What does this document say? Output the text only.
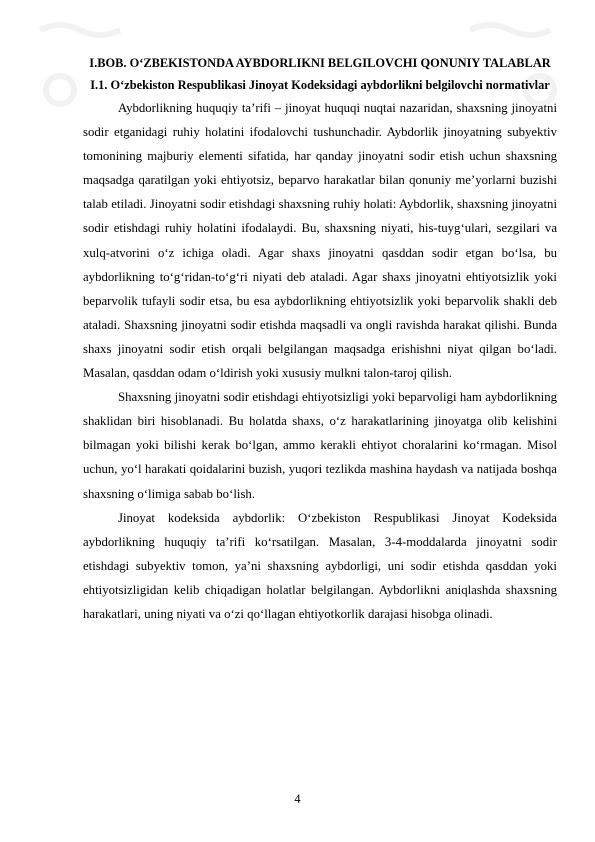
I.BOB. O‘ZBEKISTONDA AYBDORLIKNI BELGILOVCHI QONUNIY TALABLAR

I.1. O‘zbekiston Respublikasi Jinoyat Kodeksidagi aybdorlikni belgilovchi normativlar

Aybdorlikning huquqiy taʼrifi – jinoyat huquqi nuqtai nazaridan, shaxsning jinoyatni sodir etganidagi ruhiy holatini ifodalovchi tushunchadir. Aybdorlik jinoyatning subyektiv tomonining majburiy elementi sifatida, har qanday jinoyatni sodir etish uchun shaxsning maqsadga qaratilgan yoki ehtiyotsiz, beparvo harakatlar bilan qonuniy meʼyorlarni buzishi talab etiladi. Jinoyatni sodir etishdagi shaxsning ruhiy holati: Aybdorlik, shaxsning jinoyatni sodir etishdagi ruhiy holatini ifodalaydi. Bu, shaxsning niyati, his-tuyg‘ulari, sezgilari va xulq-atvorini o‘z ichiga oladi. Agar shaxs jinoyatni qasddan sodir etgan bo‘lsa, bu aybdorlikning to‘g‘ridan-to‘g‘ri niyati deb ataladi. Agar shaxs jinoyatni ehtiyotsizlik yoki beparvolik tufayli sodir etsa, bu esa aybdorlikning ehtiyotsizlik yoki beparvolik shakli deb ataladi. Shaxsning jinoyatni sodir etishda maqsadli va ongli ravishda harakat qilishi. Bunda shaxs jinoyatni sodir etish orqali belgilangan maqsadga erishishni niyat qilgan bo‘ladi. Masalan, qasddan odam o‘ldirish yoki xususiy mulkni talon-taroj qilish.

Shaxsning jinoyatni sodir etishdagi ehtiyotsizligi yoki beparvoligi ham aybdorlikning shaklidan biri hisoblanadi. Bu holatda shaxs, o‘z harakatlarining jinoyatga olib kelishini bilmagan yoki bilishi kerak bo‘lgan, ammo kerakli ehtiyot choralarini ko‘rmagan. Misol uchun, yo‘l harakati qoidalarini buzish, yuqori tezlikda mashina haydash va natijada boshqa shaxsning o‘limiga sabab bo‘lish.

Jinoyat kodeksida aybdorlik: O‘zbekiston Respublikasi Jinoyat Kodeksida aybdorlikning huquqiy taʼrifi ko‘rsatilgan. Masalan, 3-4-moddalarda jinoyatni sodir etishdagi subyektiv tomon, yaʼni shaxsning aybdorligi, uni sodir etishda qasddan yoki ehtiyotsizligidan kelib chiqadigan holatlar belgilangan. Aybdorlikni aniqlashda shaxsning harakatlari, uning niyati va o‘zi qo‘llagan ehtiyotkorlik darajasi hisobga olinadi.

4
